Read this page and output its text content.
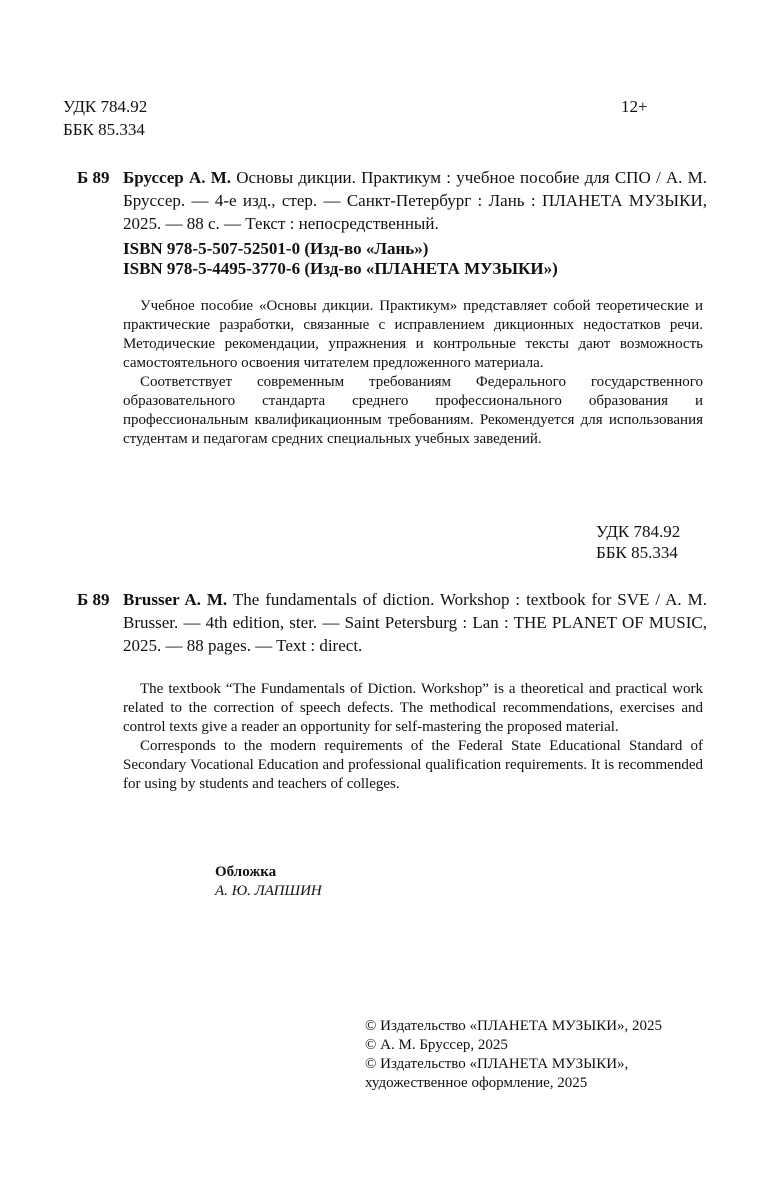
УДК 784.92
ББК 85.334
12+
Б 89 Бруссер А. М. Основы дикции. Практикум : учебное пособие для СПО / А. М. Бруссер. — 4-е изд., стер. — Санкт-Петербург : Лань : ПЛАНЕТА МУЗЫКИ, 2025. — 88 с. — Текст : непосредственный.

ISBN 978-5-507-52501-0 (Изд-во «Лань»)
ISBN 978-5-4495-3770-6 (Изд-во «ПЛАНЕТА МУЗЫКИ»)

Учебное пособие «Основы дикции. Практикум» представляет собой теоретические и практические разработки, связанные с исправлением дикционных недостатков речи. Методические рекомендации, упражнения и контрольные тексты дают возможность самостоятельного освоения читателем предложенного материала.

Соответствует современным требованиям Федерального государственного образовательного стандарта среднего профессионального образования и профессиональным квалификационным требованиям. Рекомендуется для использования студентам и педагогам средних специальных учебных заведений.

УДК 784.92
ББК 85.334
Б 89 Brusser A. M. The fundamentals of diction. Workshop : textbook for SVE / A. M. Brusser. — 4th edition, ster. — Saint Petersburg : Lan : THE PLANET OF MUSIC, 2025. — 88 pages. — Text : direct.

The textbook “The Fundamentals of Diction. Workshop” is a theoretical and practical work related to the correction of speech defects. The methodical recommendations, exercises and control texts give a reader an opportunity for self-mastering the proposed material.

Corresponds to the modern requirements of the Federal State Educational Standard of Secondary Vocational Education and professional qualification requirements. It is recommended for using by students and teachers of colleges.

Обложка
А. Ю. ЛАПШИН
© Издательство «ПЛАНЕТА МУЗЫКИ», 2025
© А. М. Бруссер, 2025
© Издательство «ПЛАНЕТА МУЗЫКИ»,
художественное оформление, 2025
